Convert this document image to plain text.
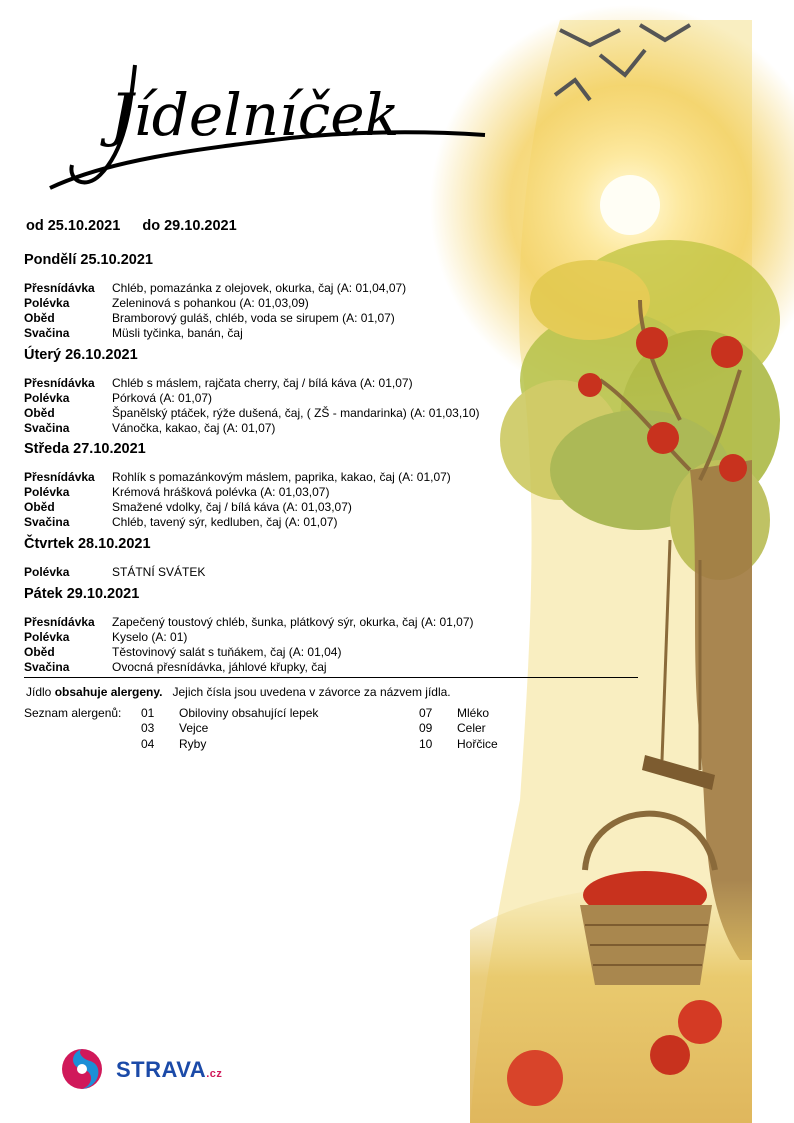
Jídelníček
od 25.10.2021 do 29.10.2021
Pondělí 25.10.2021
Přesnídávka Chléb, pomazánka z olejovek, okurka, čaj (A: 01,04,07)
Polévka	Zeleninová s pohankou (A: 01,03,09)
Oběd	Bramborový guláš, chléb, voda se sirupem (A: 01,07)
Svačina	Müsli tyčinka, banán, čaj
Úterý 26.10.2021
Přesnídávka Chléb s máslem, rajčata cherry, čaj / bílá káva (A: 01,07)
Polévka	Pórková (A: 01,07)
Oběd	Španělský ptáček, rýže dušená, čaj, ( ZŠ - mandarinka) (A: 01,03,10)
Svačina	Vánočka, kakao, čaj (A: 01,07)
Středa 27.10.2021
Přesnídávka Rohlík s pomazánkovým máslem, paprika, kakao, čaj (A: 01,07)
Polévka	Krémová hrášková polévka (A: 01,03,07)
Oběd	Smažené vdolky, čaj / bílá káva (A: 01,03,07)
Svačina	Chléb, tavený sýr, kedluben, čaj (A: 01,07)
Čtvrtek 28.10.2021
Polévka	STÁTNÍ SVÁTEK
Pátek 29.10.2021
Přesnídávka Zapečený toustový chléb, šunka, plátkový sýr, okurka, čaj (A: 01,07)
Polévka	Kyselo (A: 01)
Oběd	Těstovinový salát s tuňákem, čaj (A: 01,04)
Svačina	Ovocná přesnídávka, jáhlové křupky, čaj
Jídlo obsahuje alergeny.   Jejich čísla jsou uvedena v závorce za názvem jídla.
Seznam alergenů: 01 Obiloviny obsahující lepek
03 Vejce
04 Ryby
07 Mléko
09 Celer
10 Hořčice
STRAVA.cz
